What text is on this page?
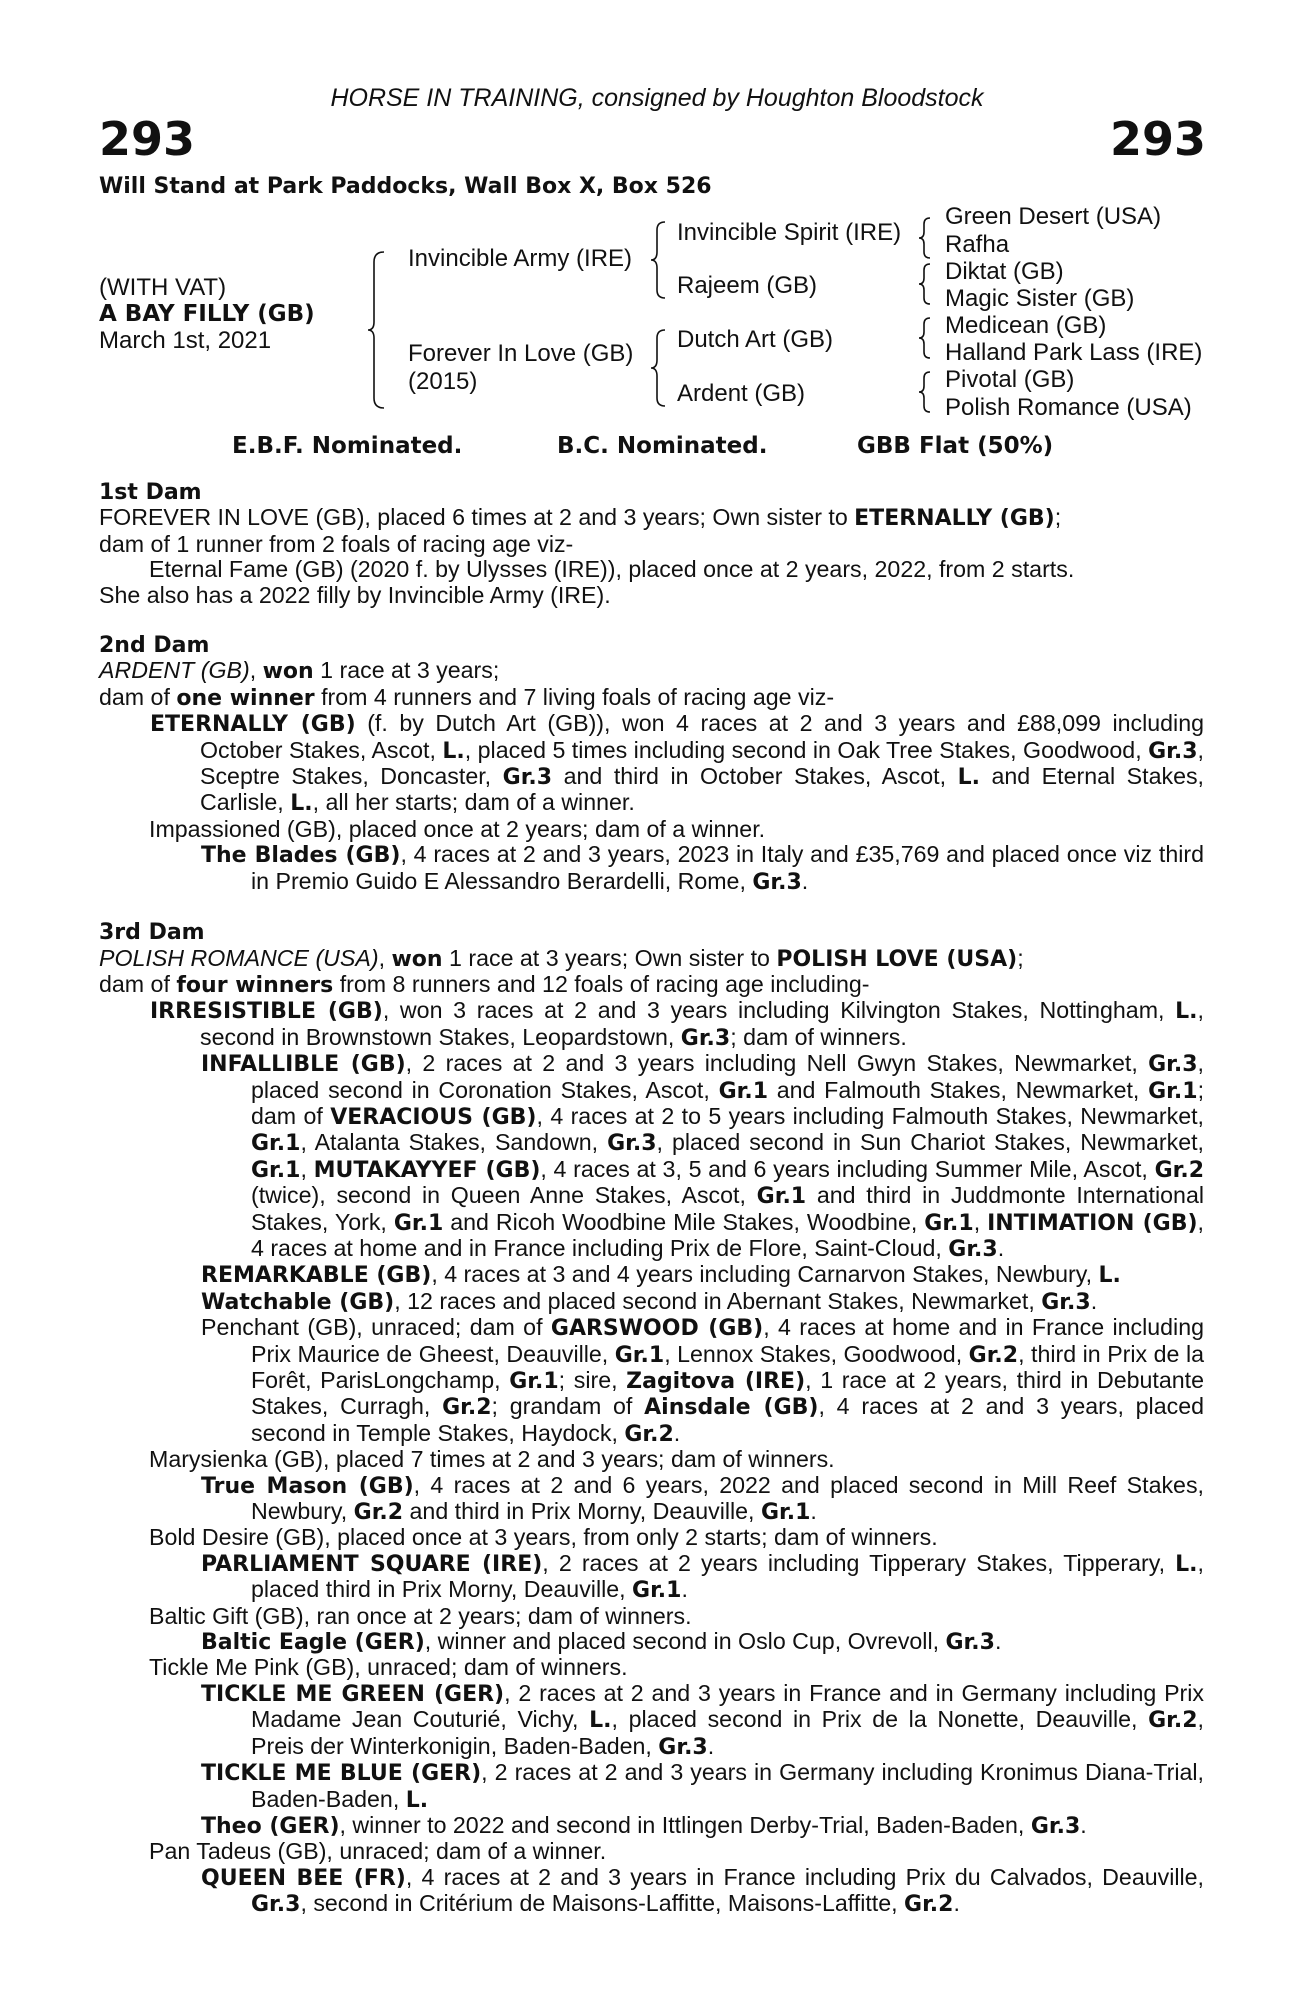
HORSE IN TRAINING, consigned by Houghton Bloodstock
293	293
Will Stand at Park Paddocks, Wall Box X, Box 526
(WITH VAT)
A BAY FILLY (GB)
March 1st, 2021
Invincible Army (IRE)
Forever In Love (GB)
(2015)
Invincible Spirit (IRE)
Rajeem (GB)
Dutch Art (GB)
Ardent (GB)
Green Desert (USA)
Rafha
Diktat (GB)
Magic Sister (GB)
Medicean (GB)
Halland Park Lass (IRE)
Pivotal (GB)
Polish Romance (USA)
E.B.F. Nominated.	B.C. Nominated.	GBB Flat (50%)

1st Dam

FOREVER IN LOVE (GB), placed 6 times at 2 and 3 years; Own sister to ETERNALLY (GB);

dam of 1 runner from 2 foals of racing age viz-

Eternal Fame (GB) (2020 f. by Ulysses (IRE)), placed once at 2 years, 2022, from 2 starts.

She also has a 2022 filly by Invincible Army (IRE).

2nd Dam

ARDENT (GB), won 1 race at 3 years;

dam of one winner from 4 runners and 7 living foals of racing age viz-

ETERNALLY (GB) (f. by Dutch Art (GB)), won 4 races at 2 and 3 years and £88,099 including October Stakes, Ascot, L., placed 5 times including second in Oak Tree Stakes, Goodwood, Gr.3, Sceptre Stakes, Doncaster, Gr.3 and third in October Stakes, Ascot, L. and Eternal Stakes, Carlisle, L., all her starts; dam of a winner.

Impassioned (GB), placed once at 2 years; dam of a winner.

The Blades (GB), 4 races at 2 and 3 years, 2023 in Italy and £35,769 and placed once viz third in Premio Guido E Alessandro Berardelli, Rome, Gr.3.

3rd Dam

POLISH ROMANCE (USA), won 1 race at 3 years; Own sister to POLISH LOVE (USA);

dam of four winners from 8 runners and 12 foals of racing age including-

IRRESISTIBLE (GB), won 3 races at 2 and 3 years including Kilvington Stakes, Nottingham, L., second in Brownstown Stakes, Leopardstown, Gr.3; dam of winners.

INFALLIBLE (GB), 2 races at 2 and 3 years including Nell Gwyn Stakes, Newmarket, Gr.3, placed second in Coronation Stakes, Ascot, Gr.1 and Falmouth Stakes, Newmarket, Gr.1; dam of VERACIOUS (GB), 4 races at 2 to 5 years including Falmouth Stakes, Newmarket, Gr.1, Atalanta Stakes, Sandown, Gr.3, placed second in Sun Chariot Stakes, Newmarket, Gr.1, MUTAKAYYEF (GB), 4 races at 3, 5 and 6 years including Summer Mile, Ascot, Gr.2 (twice), second in Queen Anne Stakes, Ascot, Gr.1 and third in Juddmonte International Stakes, York, Gr.1 and Ricoh Woodbine Mile Stakes, Woodbine, Gr.1, INTIMATION (GB), 4 races at home and in France including Prix de Flore, Saint-Cloud, Gr.3.

REMARKABLE (GB), 4 races at 3 and 4 years including Carnarvon Stakes, Newbury, L.

Watchable (GB), 12 races and placed second in Abernant Stakes, Newmarket, Gr.3.

Penchant (GB), unraced; dam of GARSWOOD (GB), 4 races at home and in France including Prix Maurice de Gheest, Deauville, Gr.1, Lennox Stakes, Goodwood, Gr.2, third in Prix de la Forêt, ParisLongchamp, Gr.1; sire, Zagitova (IRE), 1 race at 2 years, third in Debutante Stakes, Curragh, Gr.2; grandam of Ainsdale (GB), 4 races at 2 and 3 years, placed second in Temple Stakes, Haydock, Gr.2.

Marysienka (GB), placed 7 times at 2 and 3 years; dam of winners.

True Mason (GB), 4 races at 2 and 6 years, 2022 and placed second in Mill Reef Stakes, Newbury, Gr.2 and third in Prix Morny, Deauville, Gr.1.

Bold Desire (GB), placed once at 3 years, from only 2 starts; dam of winners.

PARLIAMENT SQUARE (IRE), 2 races at 2 years including Tipperary Stakes, Tipperary, L., placed third in Prix Morny, Deauville, Gr.1.

Baltic Gift (GB), ran once at 2 years; dam of winners.

Baltic Eagle (GER), winner and placed second in Oslo Cup, Ovrevoll, Gr.3.

Tickle Me Pink (GB), unraced; dam of winners.

TICKLE ME GREEN (GER), 2 races at 2 and 3 years in France and in Germany including Prix Madame Jean Couturié, Vichy, L., placed second in Prix de la Nonette, Deauville, Gr.2, Preis der Winterkonigin, Baden-Baden, Gr.3.

TICKLE ME BLUE (GER), 2 races at 2 and 3 years in Germany including Kronimus Diana-Trial, Baden-Baden, L.

Theo (GER), winner to 2022 and second in Ittlingen Derby-Trial, Baden-Baden, Gr.3.

Pan Tadeus (GB), unraced; dam of a winner.

QUEEN BEE (FR), 4 races at 2 and 3 years in France including Prix du Calvados, Deauville, Gr.3, second in Critérium de Maisons-Laffitte, Maisons-Laffitte, Gr.2.
